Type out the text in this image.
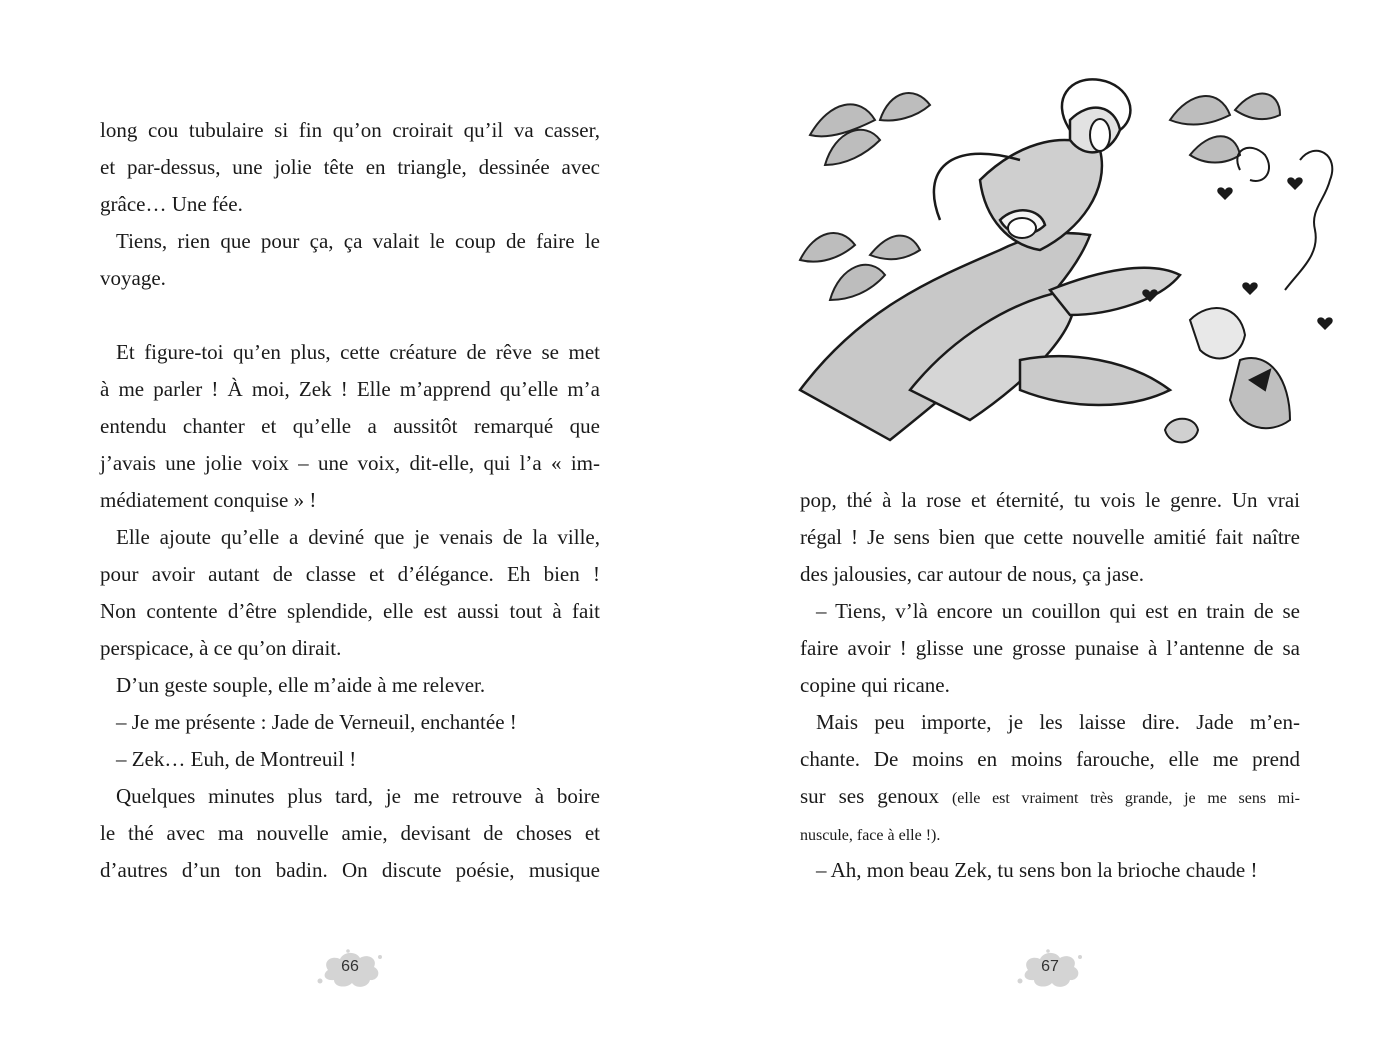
long cou tubulaire si fin qu’on croirait qu’il va casser,
et par-dessus, une jolie tête en triangle, dessinée avec
grâce… Une fée.
Tiens, rien que pour ça, ça valait le coup de faire le
voyage.
Et figure-toi qu’en plus, cette créature de rêve se met
à me parler ! À moi, Zek ! Elle m’apprend qu’elle m’a
entendu chanter et qu’elle a aussitôt remarqué que
j’avais une jolie voix – une voix, dit-elle, qui l’a « im-
médiatement conquise » !
Elle ajoute qu’elle a deviné que je venais de la ville,
pour avoir autant de classe et d’élégance. Eh bien !
Non contente d’être splendide, elle est aussi tout à fait
perspicace, à ce qu’on dirait.
D’un geste souple, elle m’aide à me relever.
– Je me présente : Jade de Verneuil, enchantée !
– Zek… Euh, de Montreuil !
Quelques minutes plus tard, je me retrouve à boire
le thé avec ma nouvelle amie, devisant de choses et
d’autres d’un ton badin. On discute poésie, musique
66
pop, thé à la rose et éternité, tu vois le genre. Un vrai
régal ! Je sens bien que cette nouvelle amitié fait naître
des jalousies, car autour de nous, ça jase.
– Tiens, v’là encore un couillon qui est en train de se
faire avoir ! glisse une grosse punaise à l’antenne de sa
copine qui ricane.
Mais peu importe, je les laisse dire. Jade m’en-
chante. De moins en moins farouche, elle me prend
sur ses genoux (elle est vraiment très grande, je me sens mi-
nuscule, face à elle !).
– Ah, mon beau Zek, tu sens bon la brioche chaude !
67
